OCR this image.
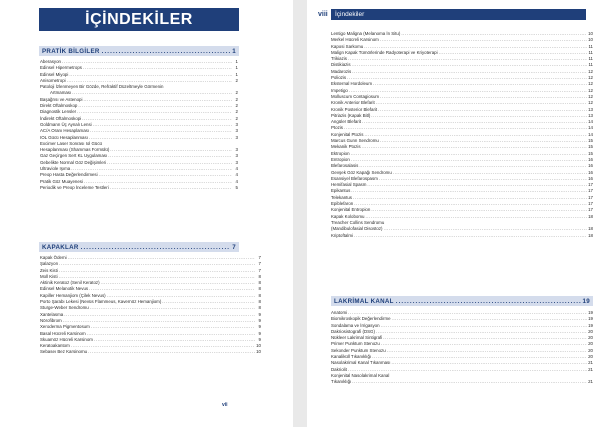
İÇİNDEKİLER
PRATİK BİLGİLER .....	1
Aberasyon .....	1
Edinsel Hipermetrops .....	1
Edinsel Miyopi .....	1
Anisometropi .....	2
Patoloji İzlenmeyen Bir Gözde, Refraktif Düzeltmeyle Görmenin
Artmaması .....	2
Başağrısı ve Astenopi .....	2
Direkt Oftalmoskop .....	2
Diagnostik Lensler .....	2
İndirekt Oftalmoskopi .....	2
Goldmann Üç Aynalı Lensi .....	3
AC/A Oranı Hesaplaması .....	3
IOL Gücü Hesaplanması .....	3
Excimer Laser Sonrası Iol Gücü
Hesaplanması (Shammas Formülü) .....	3
Gaz Geçirgen Sert KL Uygulaması .....	3
Gebelikte Normal Göz Değişimleri .....	3
Ultraviole Işıma .....	4
Preop Hasta Değerlendirmesi .....	4
Pratik Göz Muayenesi .....	4
Periodik ve Preop İnceleme Testleri .....	5
KAPAKLAR .....	7
Kapak Ödemi .....	7
Şalazyon .....	7
Zeis Kisti .....	7
Moll Kisti .....	8
Aktinik Keratoz (Senil Keratoz) .....	8
Edinsel Melanotik Nevus .....	8
Kapiller Hemanjiom (Çilek Nevus) .....	8
Porto Şarabı Lekesi (Nevüs Flammeus, Kavernöz Hemanjiom) .....	8
Sturge-Weber Sendromu .....	8
Xantelasma .....	9
Nörofibrom .....	9
Xeroderma Pigmentosum .....	9
Basal Hücreli Karsinom .....	9
Skuamöz Hücreli Karsinom .....	9
Keratoakantom .....	10
Sebaseı Bez Karsinomu .....	10
vii
viii	İçindekiler
Lentigo Maligna (Melanoma İn Situ) .....	10
Merkel Hücreli Karsinom .....	10
Kaposi Sarkomu .....	11
Malign Kapak Tümörlerinde Radyoterapi ve Kriyoterapi .....	11
Trikiazis .....	11
Distikiazis .....	11
Madarozis .....	12
Poliozis .....	12
Eksternal Hordoleum .....	12
Impetigo .....	12
Molluscum Contagiosum .....	12
Kronik Anterior Blefarit .....	12
Kronik Posterior Blefarit .....	13
Pitriazis (Kapak Bitl) .....	13
Angüler Blefarit .....	14
Ptozis .....	14
Konjenital Ptozis .....	14
Marcus Gunn Sendromu .....	15
Mekanik Ptozis .....	15
Ektropion .....	15
Entropion .....	16
Blefarosalasis .....	16
Gevşek Göz Kapağı Sendromu .....	16
Esansiyel Blefarospasm .....	16
Hemifasial Spasm .....	17
Epikantus .....	17
Telekantus .....	17
Epiblefaron .....	17
Konjenital Entropion .....	17
Kapak Kolobomu .....	18
Treacher Collins Sendromu
(Mandibulofasial Disostoz) .....	18
Kriptoftalmi .....	18
LAKRİMAL KANAL .....	19
Anatomi .....	19
Biomikroskopik Değerlendirme .....	19
Sondalama ve İrrigasyon .....	19
Dakriosistografi (DSG) .....	20
Nükleer Lakrimal Sintigrafi .....	20
Primer Punktum Stenozu .....	20
Sekonder Punktum Stenozu .....	20
Kanaliküll Tıkanıklığı .....	20
Nasolakrimal Kanal Tıkanması .....	21
Dakriolit .....	21
Konjenital Nasolakrimal Kanal
Tıkanıklığı .....	21
